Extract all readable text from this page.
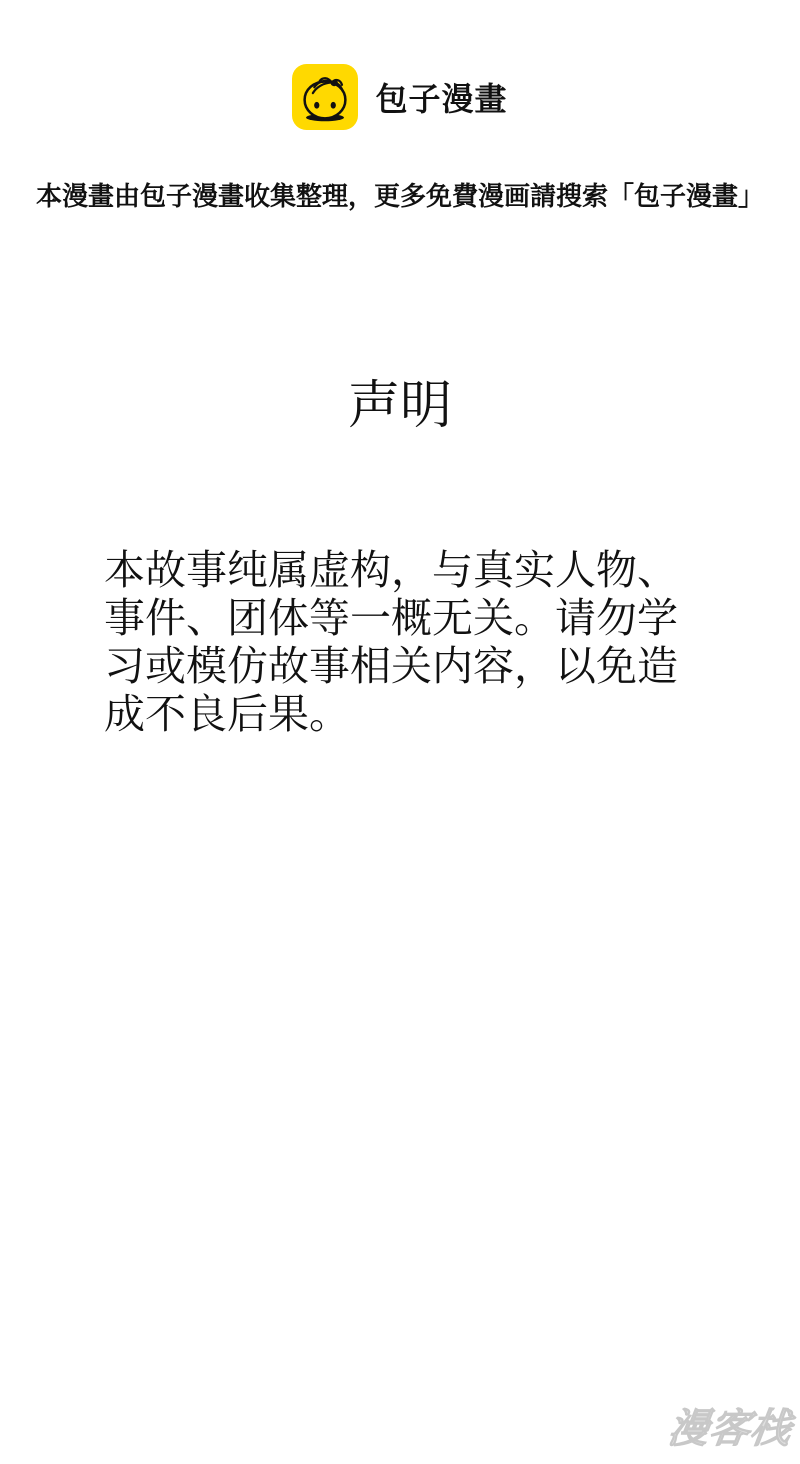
包子漫畫
本漫畫由包子漫畫收集整理，更多免費漫画請搜索「包子漫畫」
声明

本故事纯属虚构，与真实人物、事件、团体等一概无关。请勿学习或模仿故事相关内容，以免造成不良后果。

漫客栈
